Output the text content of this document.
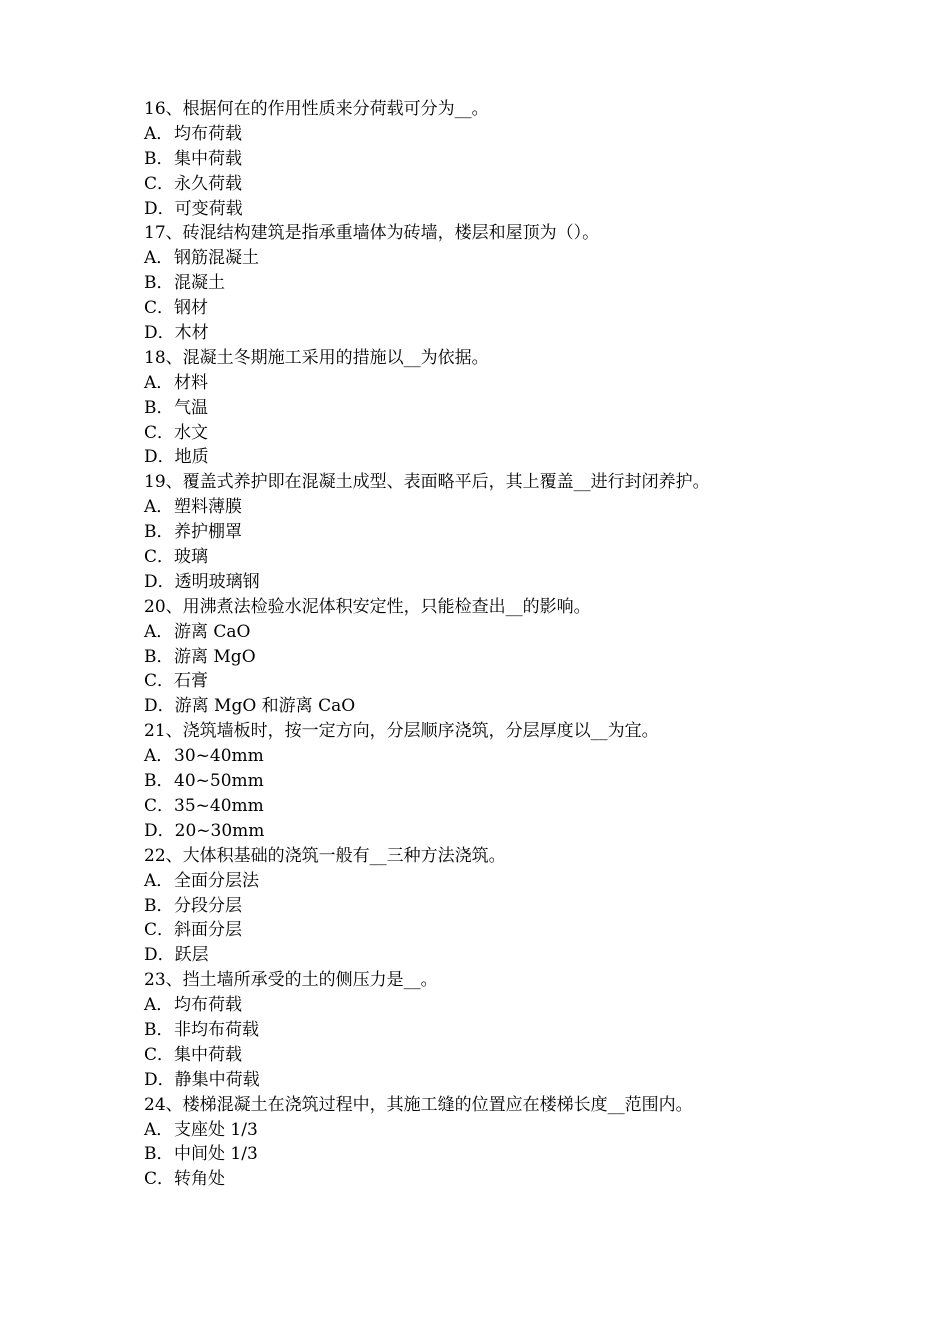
16、根据何在的作用性质来分荷载可分为__。
A．均布荷载
B．集中荷载
C．永久荷载
D．可变荷载
17、砖混结构建筑是指承重墙体为砖墙，楼层和屋顶为（）。
A．钢筋混凝土
B．混凝土
C．钢材
D．木材
18、混凝土冬期施工采用的措施以__为依据。
A．材料
B．气温
C．水文
D．地质
19、覆盖式养护即在混凝土成型、表面略平后，其上覆盖__进行封闭养护。
A．塑料薄膜
B．养护棚罩
C．玻璃
D．透明玻璃钢
20、用沸煮法检验水泥体积安定性，只能检查出__的影响。
A．游离 CaO
B．游离 MgO
C．石膏
D．游离 MgO 和游离 CaO
21、浇筑墙板时，按一定方向，分层顺序浇筑，分层厚度以__为宜。
A．30~40mm
B．40~50mm
C．35~40mm
D．20~30mm
22、大体积基础的浇筑一般有__三种方法浇筑。
A．全面分层法
B．分段分层
C．斜面分层
D．跃层
23、挡土墙所承受的土的侧压力是__。
A．均布荷载
B．非均布荷载
C．集中荷载
D．静集中荷载
24、楼梯混凝土在浇筑过程中，其施工缝的位置应在楼梯长度__范围内。
A．支座处 1/3
B．中间处 1/3
C．转角处
